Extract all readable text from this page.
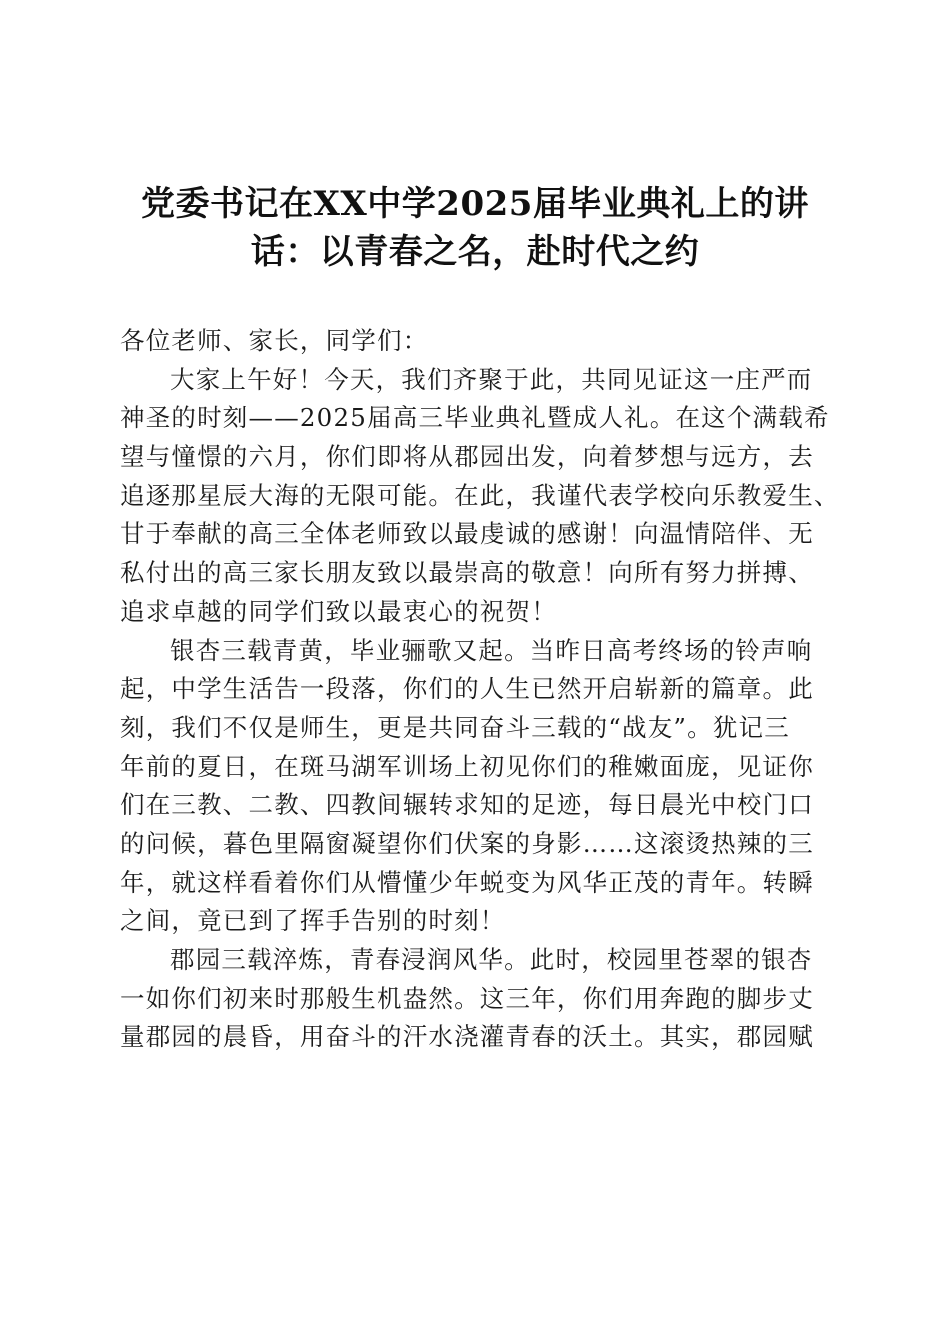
党委书记在XX中学2025届毕业典礼上的讲
话：以青春之名，赴时代之约
各位老师、家长，同学们：

大家上午好！今天，我们齐聚于此，共同见证这一庄严而
神圣的时刻——2025届高三毕业典礼暨成人礼。在这个满载希
望与憧憬的六月，你们即将从郡园出发，向着梦想与远方，去
追逐那星辰大海的无限可能。在此，我谨代表学校向乐教爱生、
甘于奉献的高三全体老师致以最虔诚的感谢！向温情陪伴、无
私付出的高三家长朋友致以最崇高的敬意！向所有努力拼搏、
追求卓越的同学们致以最衷心的祝贺！

银杏三载青黄，毕业骊歌又起。当昨日高考终场的铃声响
起，中学生活告一段落，你们的人生已然开启崭新的篇章。此
刻，我们不仅是师生，更是共同奋斗三载的“战友”。犹记三
年前的夏日，在斑马湖军训场上初见你们的稚嫩面庞，见证你
们在三教、二教、四教间辗转求知的足迹，每日晨光中校门口
的问候，暮色里隔窗凝望你们伏案的身影……这滚烫热辣的三
年，就这样看着你们从懵懂少年蜕变为风华正茂的青年。转瞬
之间，竟已到了挥手告别的时刻！

郡园三载淬炼，青春浸润风华。此时，校园里苍翠的银杏
一如你们初来时那般生机盎然。这三年，你们用奔跑的脚步丈
量郡园的晨昏，用奋斗的汗水浇灌青春的沃土。其实，郡园赋
